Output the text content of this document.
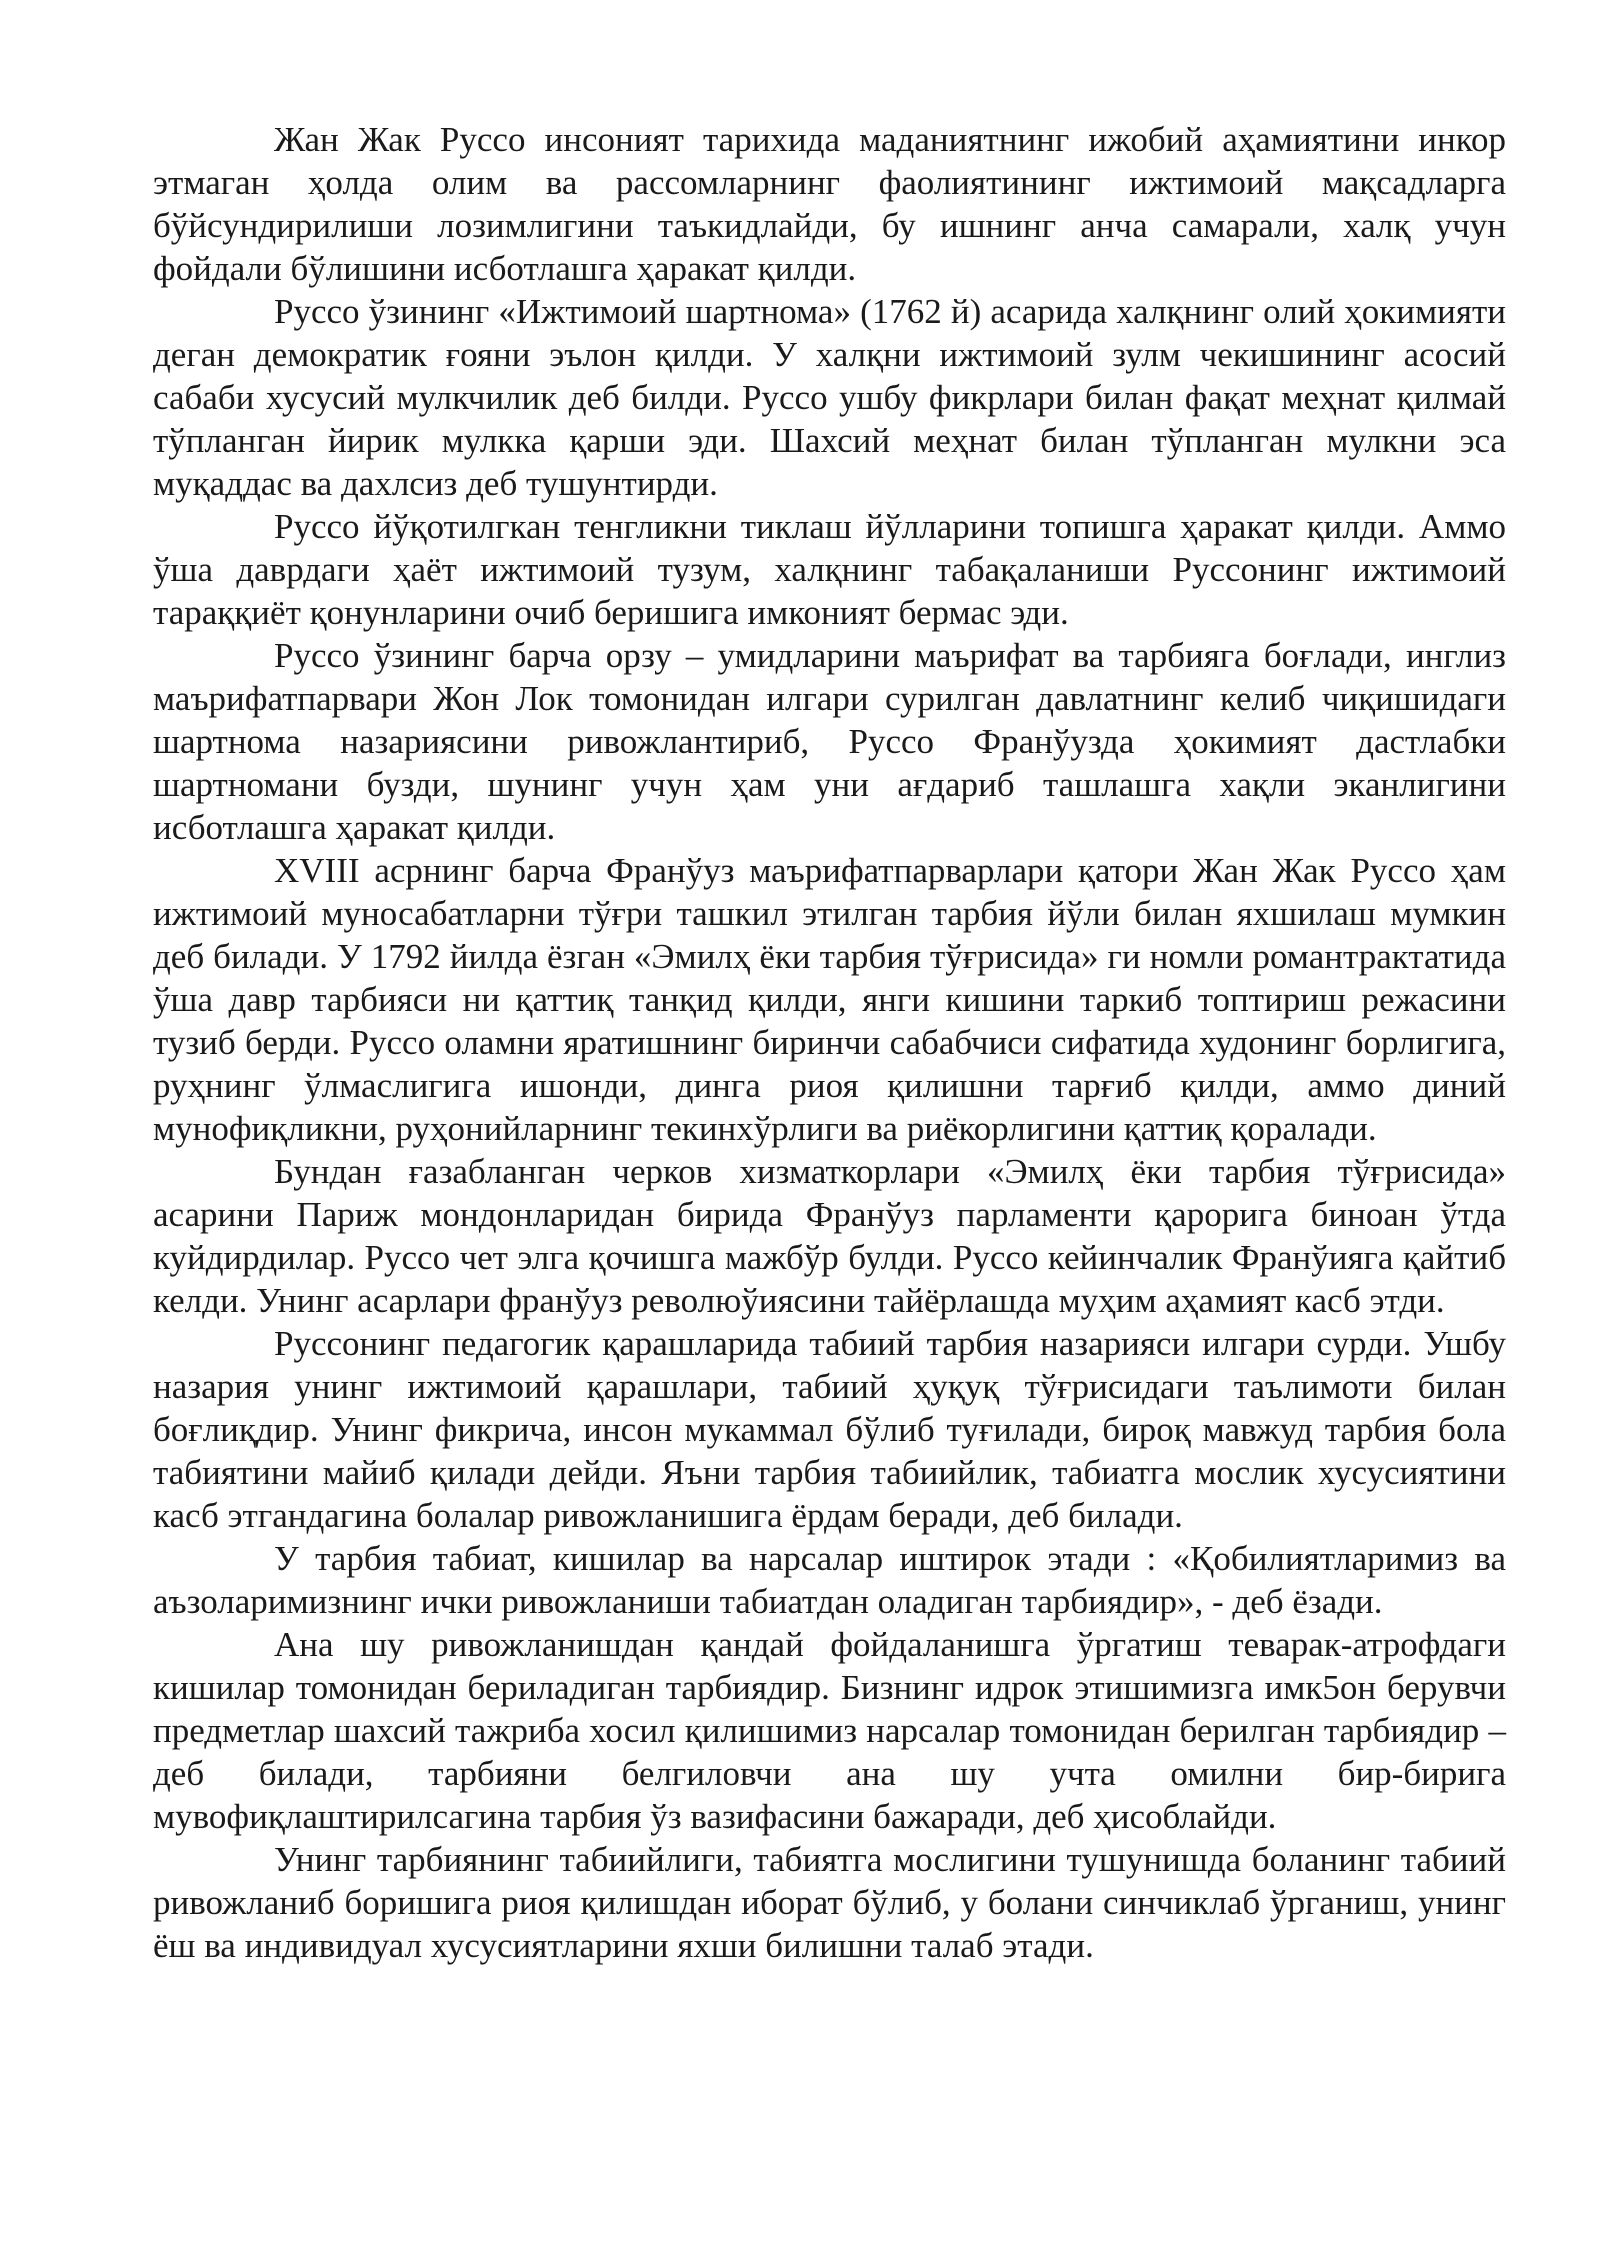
Жан Жак Руссо инсоният тарихида маданиятнинг ижобий аҳамиятини инкор этмаган ҳолда олим ва рассомларнинг фаолиятининг ижтимоий мақсадларга бўйсундирилиши лозимлигини таъкидлайди, бу ишнинг анча самарали, халқ учун фойдали бўлишини исботлашга ҳаракат қилди.

Руссо ўзининг «Ижтимоий шартнома» (1762 й) асарида халқнинг олий ҳокимияти деган демократик ғояни эълон қилди. У халқни ижтимоий зулм чекишининг асосий сабаби хусусий мулкчилик деб билди. Руссо ушбу фикрлари билан фақат меҳнат қилмай тўпланган йирик мулкка қарши эди. Шахсий меҳнат билан тўпланган мулкни эса муқаддас ва дахлсиз деб тушунтирди.

Руссо йўқотилгкан тенгликни тиклаш йўлларини топишга ҳаракат қилди. Аммо ўша даврдаги ҳаёт ижтимоий тузум, халқнинг табақаланиши Руссонинг ижтимоий тараққиёт қонунларини очиб беришига имконият бермас эди.

Руссо ўзининг барча орзу – умидларини маърифат ва тарбияга боғлади, инглиз маърифатпарвари Жон Лок томонидан илгари сурилган давлатнинг келиб чиқишидаги шартнома назариясини ривожлантириб, Руссо Франўузда ҳокимият дастлабки шартномани бузди, шунинг учун ҳам уни ағдариб ташлашга хақли эканлигини исботлашга ҳаракат қилди.

XVIII асрнинг барча Франўуз маърифатпарварлари қатори Жан Жак Руссо ҳам ижтимоий муносабатларни тўғри ташкил этилган тарбия йўли билан яхшилаш мумкин деб билади. У 1792 йилда ёзган «Эмилҳ ёки тарбия тўғрисида» ги номли романтрактатида ўша давр тарбияси ни қаттиқ танқид қилди, янги кишини таркиб топтириш режасини тузиб берди. Руссо оламни яратишнинг биринчи сабабчиси сифатида худонинг борлигига, руҳнинг ўлмаслигига ишонди, динга риоя қилишни тарғиб қилди, аммо диний мунофиқликни, руҳонийларнинг текинхўрлиги ва риёкорлигини қаттиқ қоралади.

Бундан ғазабланган черков хизматкорлари «Эмилҳ ёки тарбия тўғрисида» асарини Париж мондонларидан бирида Франўуз парламенти қарорига биноан ўтда куйдирдилар. Руссо чет элга қочишга мажбўр булди. Руссо кейинчалик Франўияга қайтиб келди. Унинг асарлари франўуз революўиясини тайёрлашда муҳим аҳамият касб этди.

Руссонинг педагогик қарашларида табиий тарбия назарияси илгари сурди. Ушбу назария унинг ижтимоий қарашлари, табиий ҳуқуқ тўғрисидаги таълимоти билан боғлиқдир. Унинг фикрича, инсон мукаммал бўлиб туғилади, бироқ мавжуд тарбия бола табиятини майиб қилади дейди. Яъни тарбия табиийлик, табиатга мослик хусусиятини касб этгандагина болалар ривожланишига ёрдам беради, деб билади.

У тарбия табиат, кишилар ва нарсалар иштирок этади : «Қобилиятларимиз ва аъзоларимизнинг ички ривожланиши табиатдан оладиган тарбиядир», - деб ёзади.

Ана шу ривожланишдан қандай фойдаланишга ўргатиш теварак-атрофдаги кишилар томонидан бериладиган тарбиядир. Бизнинг идрок этишимизга имк5он берувчи предметлар шахсий тажриба хосил қилишимиз нарсалар томонидан берилган тарбиядир – деб билади, тарбияни белгиловчи ана шу учта омилни бир-бирига мувофиқлаштирилсагина тарбия ўз вазифасини бажаради, деб ҳисоблайди.

Унинг тарбиянинг табиийлиги, табиятга мослигини тушунишда боланинг табиий ривожланиб боришига риоя қилишдан иборат бўлиб, у болани синчиклаб ўрганиш, унинг ёш ва индивидуал хусусиятларини яхши билишни талаб этади.
